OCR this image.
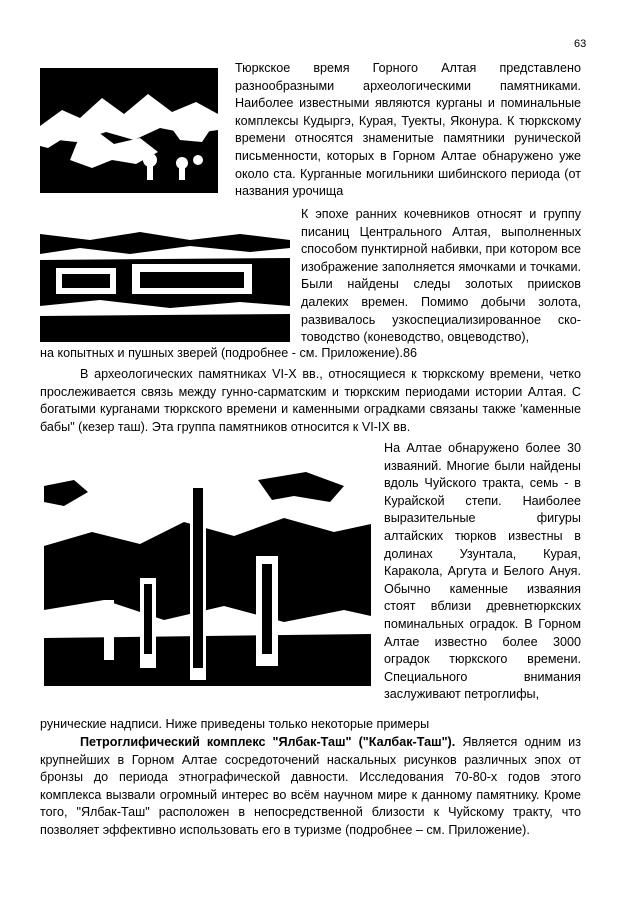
63

Тюркское время Горного Алтая представлено разнообразными археологическими памятниками. Наиболее известными являются курганы и поминальные комплексы Кудыргэ, Курая, Туекты, Яконура. К тюркскому времени относятся знаменитые памятники рунической письменности, которых в Горном Алтае обнаружено уже около ста. Курганные могильники шибинского периода (от названия урочища

К эпохе ранних кочевников относят и группу писаниц Центрального Алтая, выполненных способом пунктирной набивки, при котором все изображение заполняется ямочками и точками. Были найдены следы золотых приисков далеких времен. Помимо добычи золота, развивалось узкоспециализированное ско-товодство (коневодство, овцеводство),

на копытных и пушных зверей (подробнее - см. Приложение).86

В археологических памятниках VI-X вв., относящиеся к тюркскому времени, четко прослеживается связь между гунно-сарматским и тюркским периодами истории Алтая. С богатыми курганами тюркского времени и каменными оградками связаны также 'каменные бабы" (кезер таш). Эта группа памятников относится к VI-IX вв.

На Алтае обнаружено более 30 изваяний. Многие были найдены вдоль Чуйского тракта, семь - в Курайской степи. Наиболее выразительные фигуры алтайских тюрков известны в долинах Узунтала, Курая, Каракола, Аргута и Белого Ануя. Обычно каменные изваяния стоят вблизи древнетюркских поминальных оградок. В Горном Алтае известно более 3000 оградок тюркского времени. Специального внимания заслуживают петроглифы,

рунические надписи. Ниже приведены только некоторые примеры

Петроглифический комплекс "Ялбак-Таш" ("Калбак-Таш"). Является одним из крупнейших в Горном Алтае сосредоточений наскальных рисунков различных эпох от бронзы до периода этнографической давности. Исследования 70-80-х годов этого комплекса вызвали огромный интерес во всём научном мире к данному памятнику. Кроме того, "Ялбак-Таш" расположен в непосредственной близости к Чуйскому тракту, что позволяет эффективно использовать его в туризме (подробнее – см. Приложение).
